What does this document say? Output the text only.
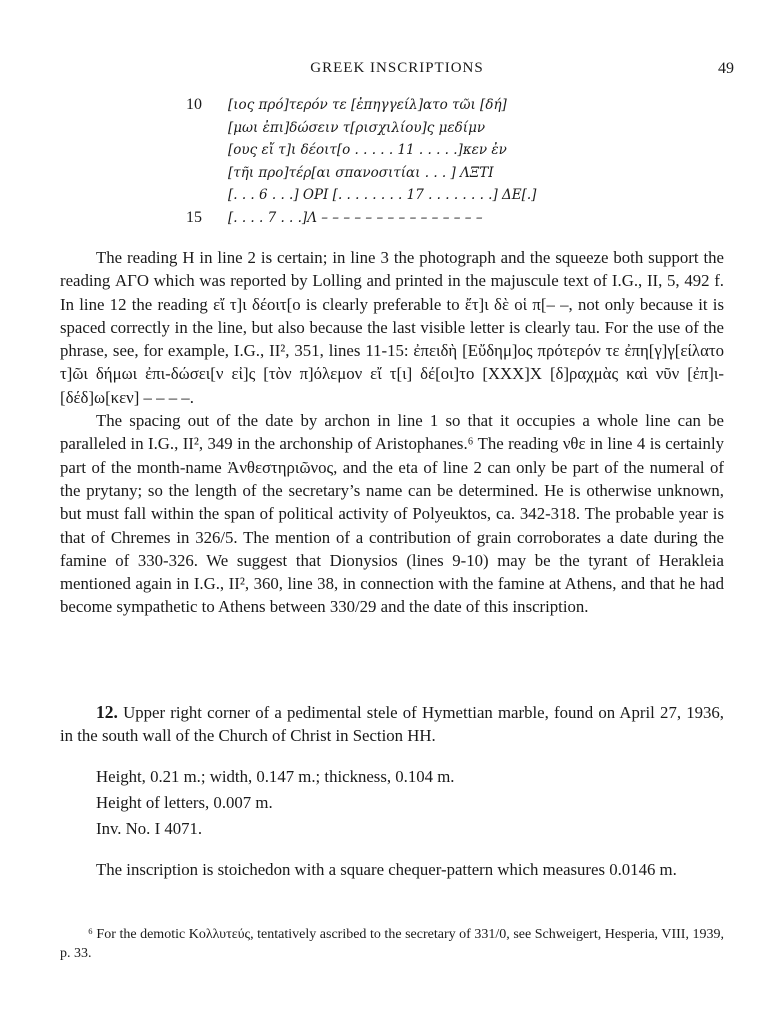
GREEK INSCRIPTIONS	49
10	[ιος πρό]τερόν τε [ἐπηγγείλ]ατο τῶι [δή]
[μωι ἐπι]δώσειν τ[ρισχιλίου]ς μεδίμν
[ους εἴ τ]ι δέοιτ[ο . . . . . 11 . . . . .]κεν ἐν
[τῆι προ]τέρ[αι σπανοσιτίαι . . . ] ΛΞΤΙ
[. . . 6 . . .] ΟΡΙ [. . . . . . . . 17 . . . . . . . .] ΔΕ[.]
15	[. . . . 7 . . .]Λ – – – – – – – – – – – – – – –

The reading H in line 2 is certain; in line 3 the photograph and the squeeze both support the reading ΑΓΟ which was reported by Lolling and printed in the majuscule text of I.G., II, 5, 492 f. In line 12 the reading εἴ τ]ι δέοιτ[ο is clearly preferable to ἔτ]ι δὲ οἱ π[– –, not only because it is spaced correctly in the line, but also because the last visible letter is clearly tau. For the use of the phrase, see, for example, I.G., II², 351, lines 11-15: ἐπειδὴ [Εὔδημ]ος πρότερόν τε ἐπη[γ]γ[είλατο τ]ῶι δήμωι ἐπι-δώσει[ν εἰ]ς [τὸν π]όλεμον εἴ τ[ι] δέ[οι]το [ΧΧΧ]Χ [δ]ραχμὰς καὶ νῦν [ἐπ]ι-[δέδ]ω[κεν] – – – –.

The spacing out of the date by archon in line 1 so that it occupies a whole line can be paralleled in I.G., II², 349 in the archonship of Aristophanes.⁶ The reading νθε in line 4 is certainly part of the month-name Ἀνθεστηριῶνος, and the eta of line 2 can only be part of the numeral of the prytany; so the length of the secretary’s name can be determined. He is otherwise unknown, but must fall within the span of political activity of Polyeuktos, ca. 342-318. The probable year is that of Chremes in 326/5. The mention of a contribution of grain corroborates a date during the famine of 330-326. We suggest that Dionysios (lines 9-10) may be the tyrant of Herakleia mentioned again in I.G., II², 360, line 38, in connection with the famine at Athens, and that he had become sympathetic to Athens between 330/29 and the date of this inscription.

12. Upper right corner of a pedimental stele of Hymettian marble, found on April 27, 1936, in the south wall of the Church of Christ in Section HH.

Height, 0.21 m.; width, 0.147 m.; thickness, 0.104 m.
Height of letters, 0.007 m.
Inv. No. I 4071.

The inscription is stoichedon with a square chequer-pattern which measures 0.0146 m.

⁶ For the demotic Κολλυτεύς, tentatively ascribed to the secretary of 331/0, see Schweigert, Hesperia, VIII, 1939, p. 33.
